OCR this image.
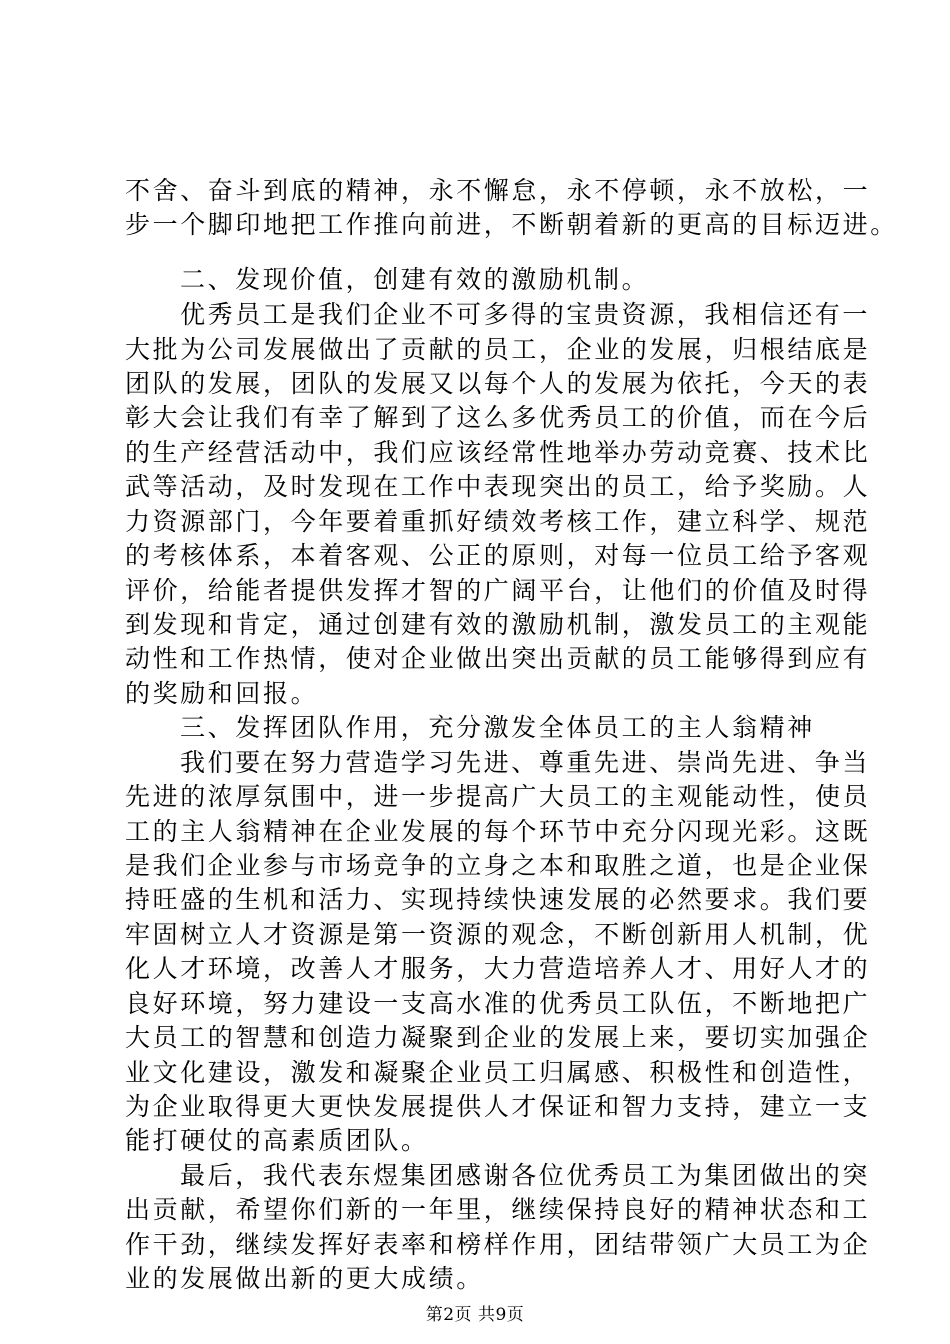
不舍、奋斗到底的精神，永不懈怠，永不停顿，永不放松，一

步一个脚印地把工作推向前进，不断朝着新的更高的目标迈进。

二、发现价值，创建有效的激励机制。

优秀员工是我们企业不可多得的宝贵资源，我相信还有一

大批为公司发展做出了贡献的员工，企业的发展，归根结底是

团队的发展，团队的发展又以每个人的发展为依托，今天的表

彰大会让我们有幸了解到了这么多优秀员工的价值，而在今后

的生产经营活动中，我们应该经常性地举办劳动竞赛、技术比

武等活动，及时发现在工作中表现突出的员工，给予奖励。人

力资源部门，今年要着重抓好绩效考核工作，建立科学、规范

的考核体系，本着客观、公正的原则，对每一位员工给予客观

评价，给能者提供发挥才智的广阔平台，让他们的价值及时得

到发现和肯定，通过创建有效的激励机制，激发员工的主观能

动性和工作热情，使对企业做出突出贡献的员工能够得到应有

的奖励和回报。

三、发挥团队作用，充分激发全体员工的主人翁精神

我们要在努力营造学习先进、尊重先进、崇尚先进、争当

先进的浓厚氛围中，进一步提高广大员工的主观能动性，使员

工的主人翁精神在企业发展的每个环节中充分闪现光彩。这既

是我们企业参与市场竞争的立身之本和取胜之道，也是企业保

持旺盛的生机和活力、实现持续快速发展的必然要求。我们要

牢固树立人才资源是第一资源的观念，不断创新用人机制，优

化人才环境，改善人才服务，大力营造培养人才、用好人才的

良好环境，努力建设一支高水准的优秀员工队伍，不断地把广

大员工的智慧和创造力凝聚到企业的发展上来，要切实加强企

业文化建设，激发和凝聚企业员工归属感、积极性和创造性，

为企业取得更大更快发展提供人才保证和智力支持，建立一支

能打硬仗的高素质团队。

最后，我代表东煜集团感谢各位优秀员工为集团做出的突

出贡献，希望你们新的一年里，继续保持良好的精神状态和工

作干劲，继续发挥好表率和榜样作用，团结带领广大员工为企

业的发展做出新的更大成绩。

第2页 共9页
